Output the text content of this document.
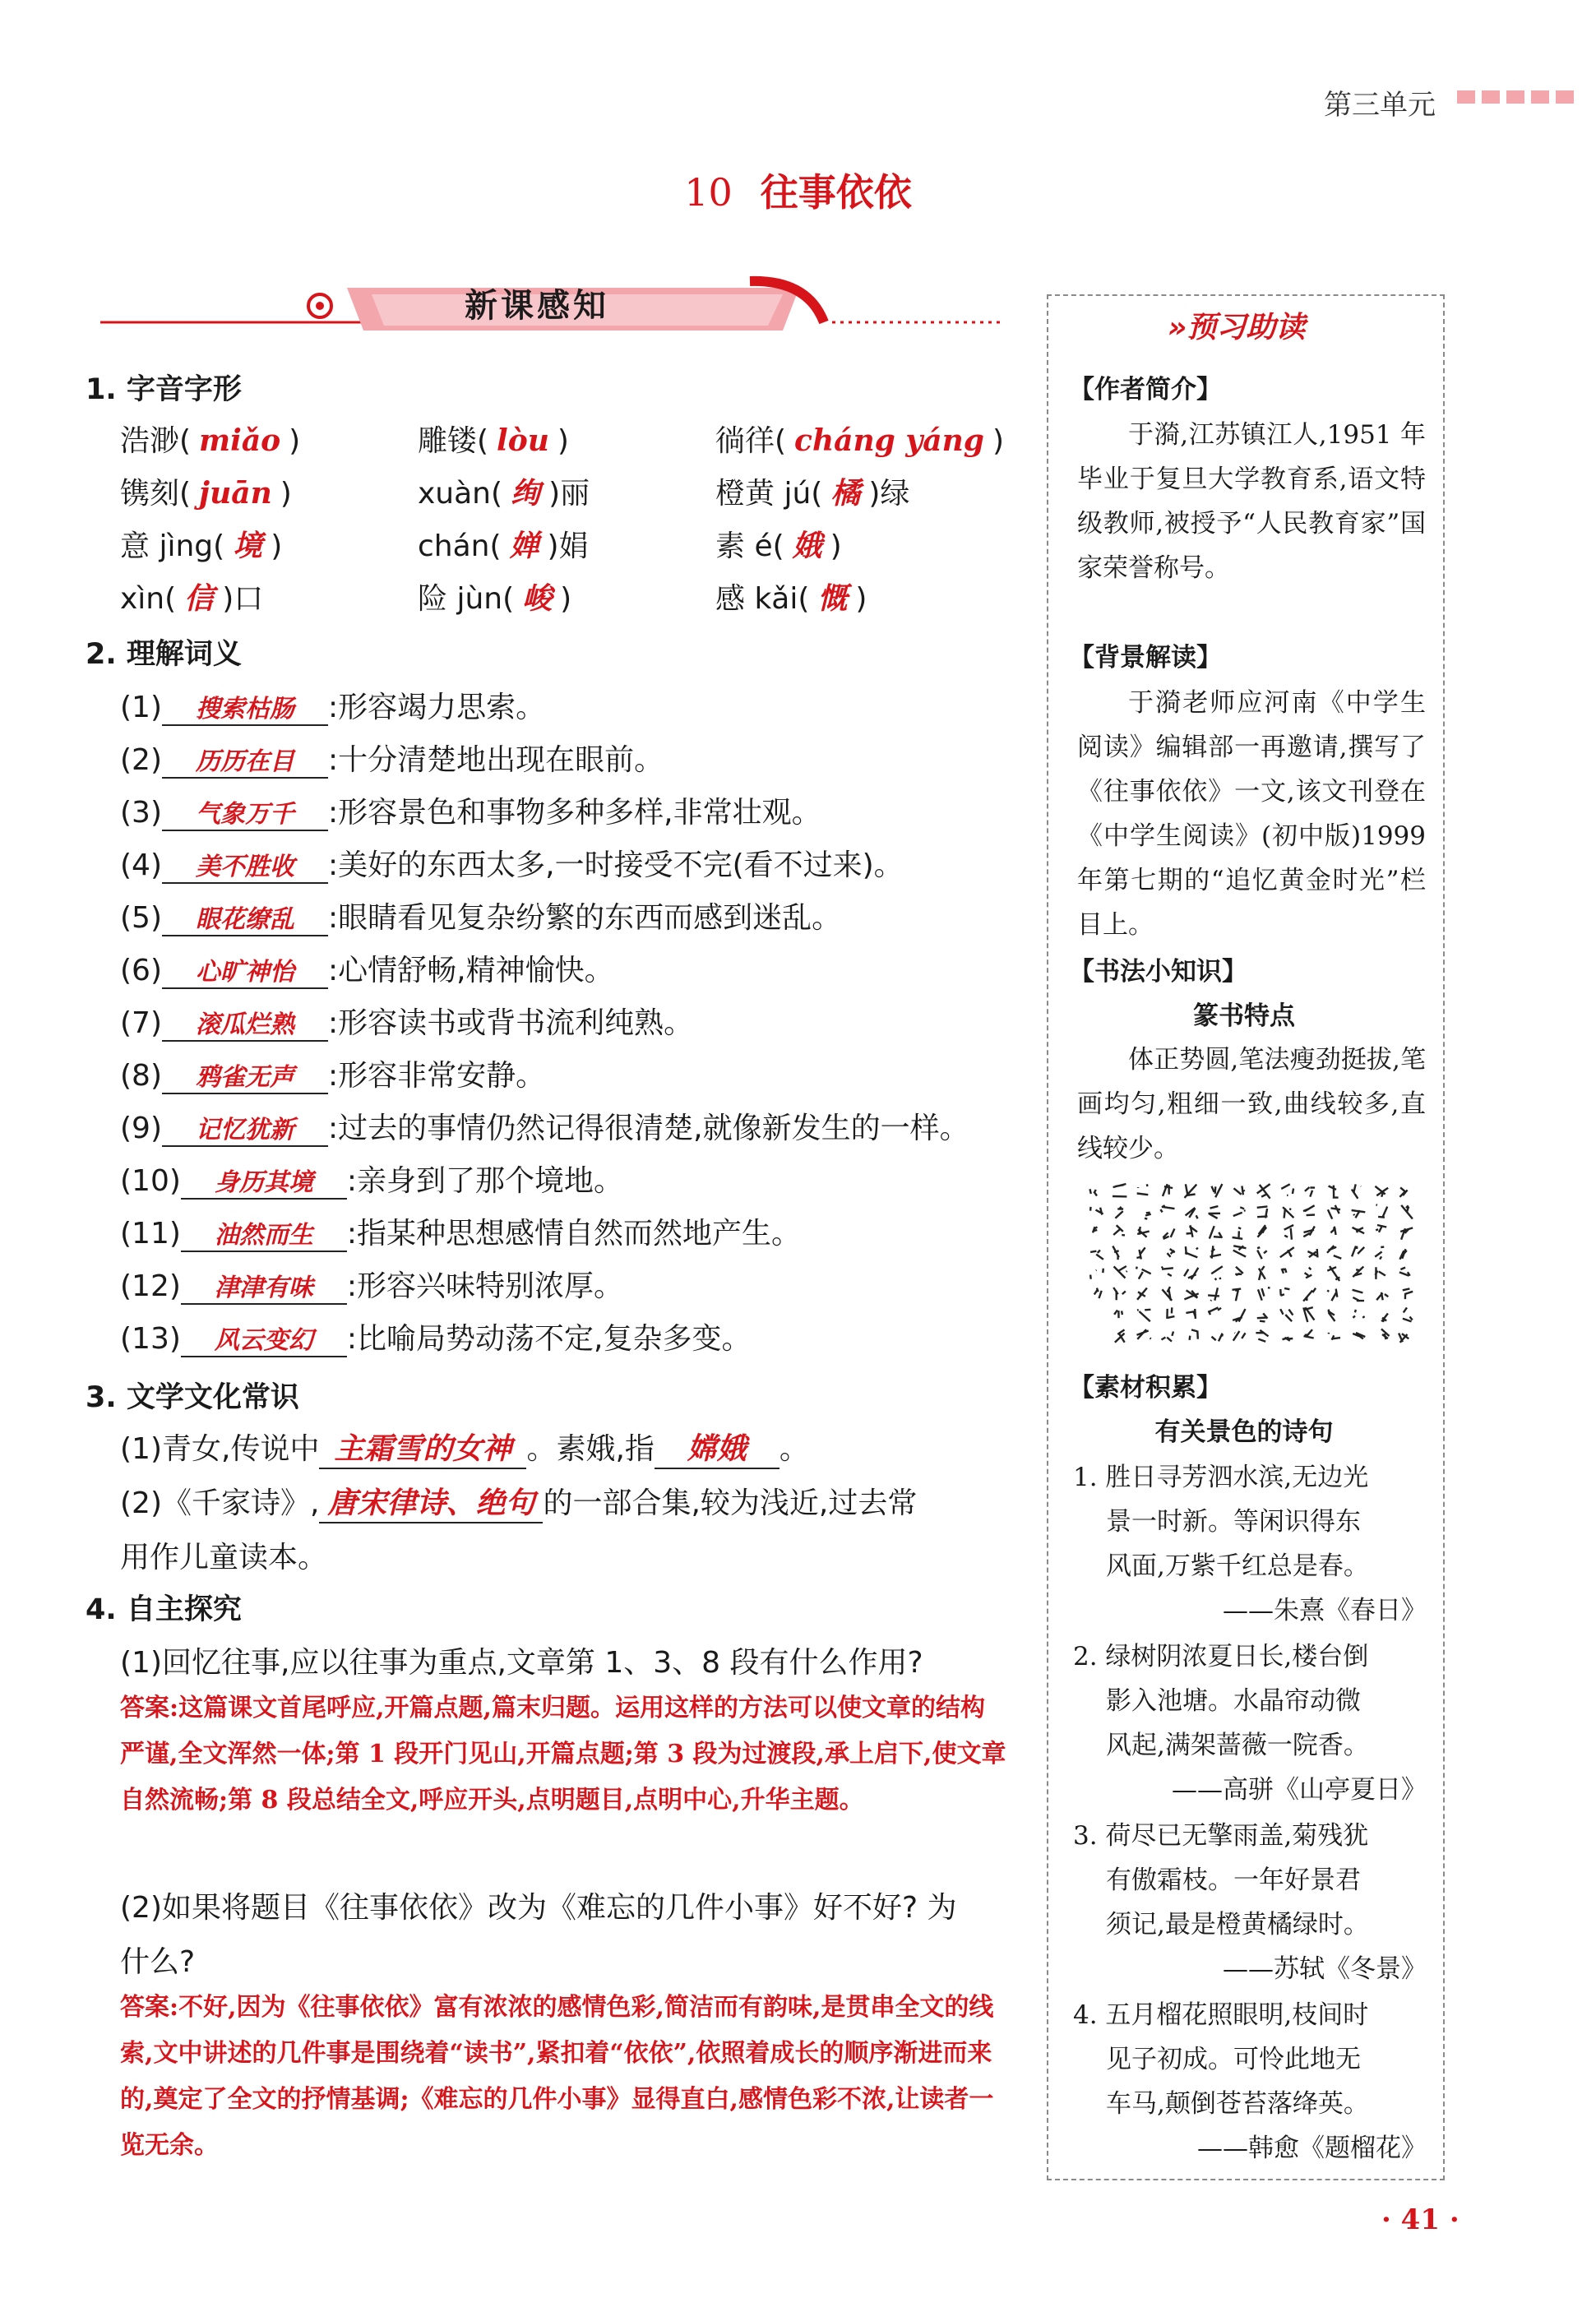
第三单元
10 往事依依
新课感知
1. 字音字形
浩渺( miǎo )	雕镂( lòu )	徜徉( cháng yáng )
镌刻( juān )	xuàn( 绚 )丽	橙黄 jú( 橘 )绿
意 jìng( 境 )	chán( 婵 )娟	素 é( 娥 )
xìn( 信 )口	险 jùn( 峻 )	感 kǎi( 慨 )
2. 理解词义
(1) 搜索枯肠 :形容竭力思索。
(2) 历历在目 :十分清楚地出现在眼前。
(3) 气象万千 :形容景色和事物多种多样,非常壮观。
(4) 美不胜收 :美好的东西太多,一时接受不完(看不过来)。
(5) 眼花缭乱 :眼睛看见复杂纷繁的东西而感到迷乱。
(6) 心旷神怡 :心情舒畅,精神愉快。
(7) 滚瓜烂熟 :形容读书或背书流利纯熟。
(8) 鸦雀无声 :形容非常安静。
(9) 记忆犹新 :过去的事情仍然记得很清楚,就像新发生的一样。
(10) 身历其境 :亲身到了那个境地。
(11) 油然而生 :指某种思想感情自然而然地产生。
(12) 津津有味 :形容兴味特别浓厚。
(13) 风云变幻 :比喻局势动荡不定,复杂多变。
3. 文学文化常识
(1)青女,传说中 主霜雪的女神 。素娥,指 嫦娥 。
(2)《千家诗》, 唐宋律诗、绝句 的一部合集,较为浅近,过去常
用作儿童读本。
4. 自主探究
(1)回忆往事,应以往事为重点,文章第 1、3、8 段有什么作用?
答案:这篇课文首尾呼应,开篇点题,篇末归题。运用这样的方法可以使文章的结构严谨,全文浑然一体;第 1 段开门见山,开篇点题;第 3 段为过渡段,承上启下,使文章自然流畅;第 8 段总结全文,呼应开头,点明题目,点明中心,升华主题。
(2)如果将题目《往事依依》改为《难忘的几件小事》好不好? 为
什么?
答案:不好,因为《往事依依》富有浓浓的感情色彩,简洁而有韵味,是贯串全文的线索,文中讲述的几件事是围绕着“读书”,紧扣着“依依”,依照着成长的顺序渐进而来的,奠定了全文的抒情基调;《难忘的几件小事》显得直白,感情色彩不浓,让读者一览无余。
»预习助读
【作者简介】
于漪,江苏镇江人,1951 年毕业于复旦大学教育系,语文特级教师,被授予“人民教育家”国家荣誉称号。
【背景解读】
于漪老师应河南《中学生阅读》编辑部一再邀请,撰写了《往事依依》一文,该文刊登在《中学生阅读》(初中版)1999 年第七期的“追忆黄金时光”栏目上。
【书法小知识】
篆书特点
体正势圆,笔法瘦劲挺拔,笔画均匀,粗细一致,曲线较多,直线较少。
【素材积累】
有关景色的诗句
1. 胜日寻芳泗水滨,无边光
景一时新。等闲识得东
风面,万紫千红总是春。
——朱熹《春日》
2. 绿树阴浓夏日长,楼台倒
影入池塘。水晶帘动微
风起,满架蔷薇一院香。
——高骈《山亭夏日》
3. 荷尽已无擎雨盖,菊残犹
有傲霜枝。一年好景君
须记,最是橙黄橘绿时。
——苏轼《冬景》
4. 五月榴花照眼明,枝间时
见子初成。可怜此地无
车马,颠倒苍苔落绛英。
——韩愈《题榴花》
· 41 ·
